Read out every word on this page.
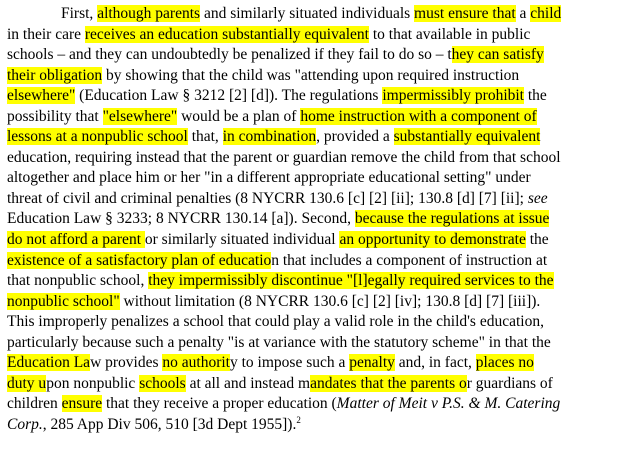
First, although parents and similarly situated individuals must ensure that a child
in their care receives an education substantially equivalent to that available in public
schools – and they can undoubtedly be penalized if they fail to do so – they can satisfy
their obligation by showing that the child was "attending upon required instruction
elsewhere" (Education Law § 3212 [2] [d]). The regulations impermissibly prohibit the
possibility that "elsewhere" would be a plan of home instruction with a component of
lessons at a nonpublic school that, in combination, provided a substantially equivalent
education, requiring instead that the parent or guardian remove the child from that school
altogether and place him or her "in a different appropriate educational setting" under
threat of civil and criminal penalties (8 NYCRR 130.6 [c] [2] [ii]; 130.8 [d] [7] [ii]; see
Education Law § 3233; 8 NYCRR 130.14 [a]). Second, because the regulations at issue
do not afford a parent or similarly situated individual an opportunity to demonstrate the
existence of a satisfactory plan of education that includes a component of instruction at
that nonpublic school, they impermissibly discontinue "[l]egally required services to the
nonpublic school" without limitation (8 NYCRR 130.6 [c] [2] [iv]; 130.8 [d] [7] [iii]).
This improperly penalizes a school that could play a valid role in the child's education,
particularly because such a penalty "is at variance with the statutory scheme" in that the
Education Law provides no authority to impose such a penalty and, in fact, places no
duty upon nonpublic schools at all and instead mandates that the parents or guardians of
children ensure that they receive a proper education (Matter of Meit v P.S. & M. Catering
Corp., 285 App Div 506, 510 [3d Dept 1955]).$^2$
